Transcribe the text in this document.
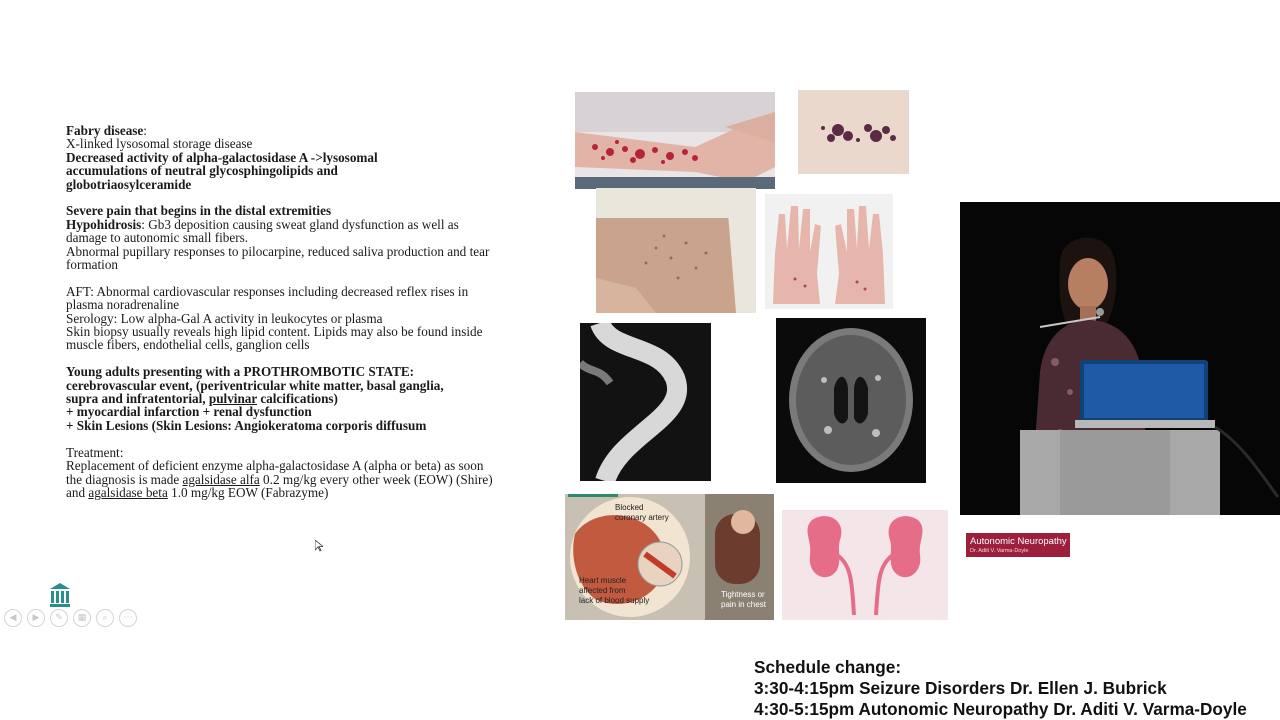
Fabry disease:
X-linked lysosomal storage disease
Decreased activity of alpha-galactosidase A ->lysosomal
accumulations of neutral glycosphingolipids and
globotriaosylceramide
Severe pain that begins in the distal extremities
Hypohidrosis: Gb3 deposition causing sweat gland dysfunction as well as
damage to autonomic small fibers.
Abnormal pupillary responses to pilocarpine, reduced saliva production and tear
formation
AFT: Abnormal cardiovascular responses including decreased reflex rises in
plasma noradrenaline
Serology: Low alpha-Gal A activity in leukocytes or plasma
Skin biopsy usually reveals high lipid content. Lipids may also be found inside
muscle fibers, endothelial cells, ganglion cells
Young adults presenting with a PROTHROMBOTIC STATE:
cerebrovascular event, (periventricular white matter, basal ganglia,
supra and infratentorial, pulvinar calcifications)
+ myocardial infarction + renal dysfunction
+ Skin Lesions (Skin Lesions: Angiokeratoma corporis diffusum
Treatment:
Replacement of deficient enzyme alpha-galactosidase A (alpha or beta) as soon
the diagnosis is made agalsidase alfa 0.2 mg/kg every other week (EOW) (Shire)
and agalsidase beta 1.0 mg/kg EOW (Fabrazyme)
Blocked
coronary artery
Heart muscle
affected from
lack of blood supply
Tightness or
pain in chest
◀	▶	✎	▦	⌕	⋯
Autonomic Neuropathy
Dr. Aditi V. Varma-Doyle
Schedule change:
3:30-4:15pm Seizure Disorders Dr. Ellen J. Bubrick
4:30-5:15pm Autonomic Neuropathy Dr. Aditi V. Varma-Doyle
